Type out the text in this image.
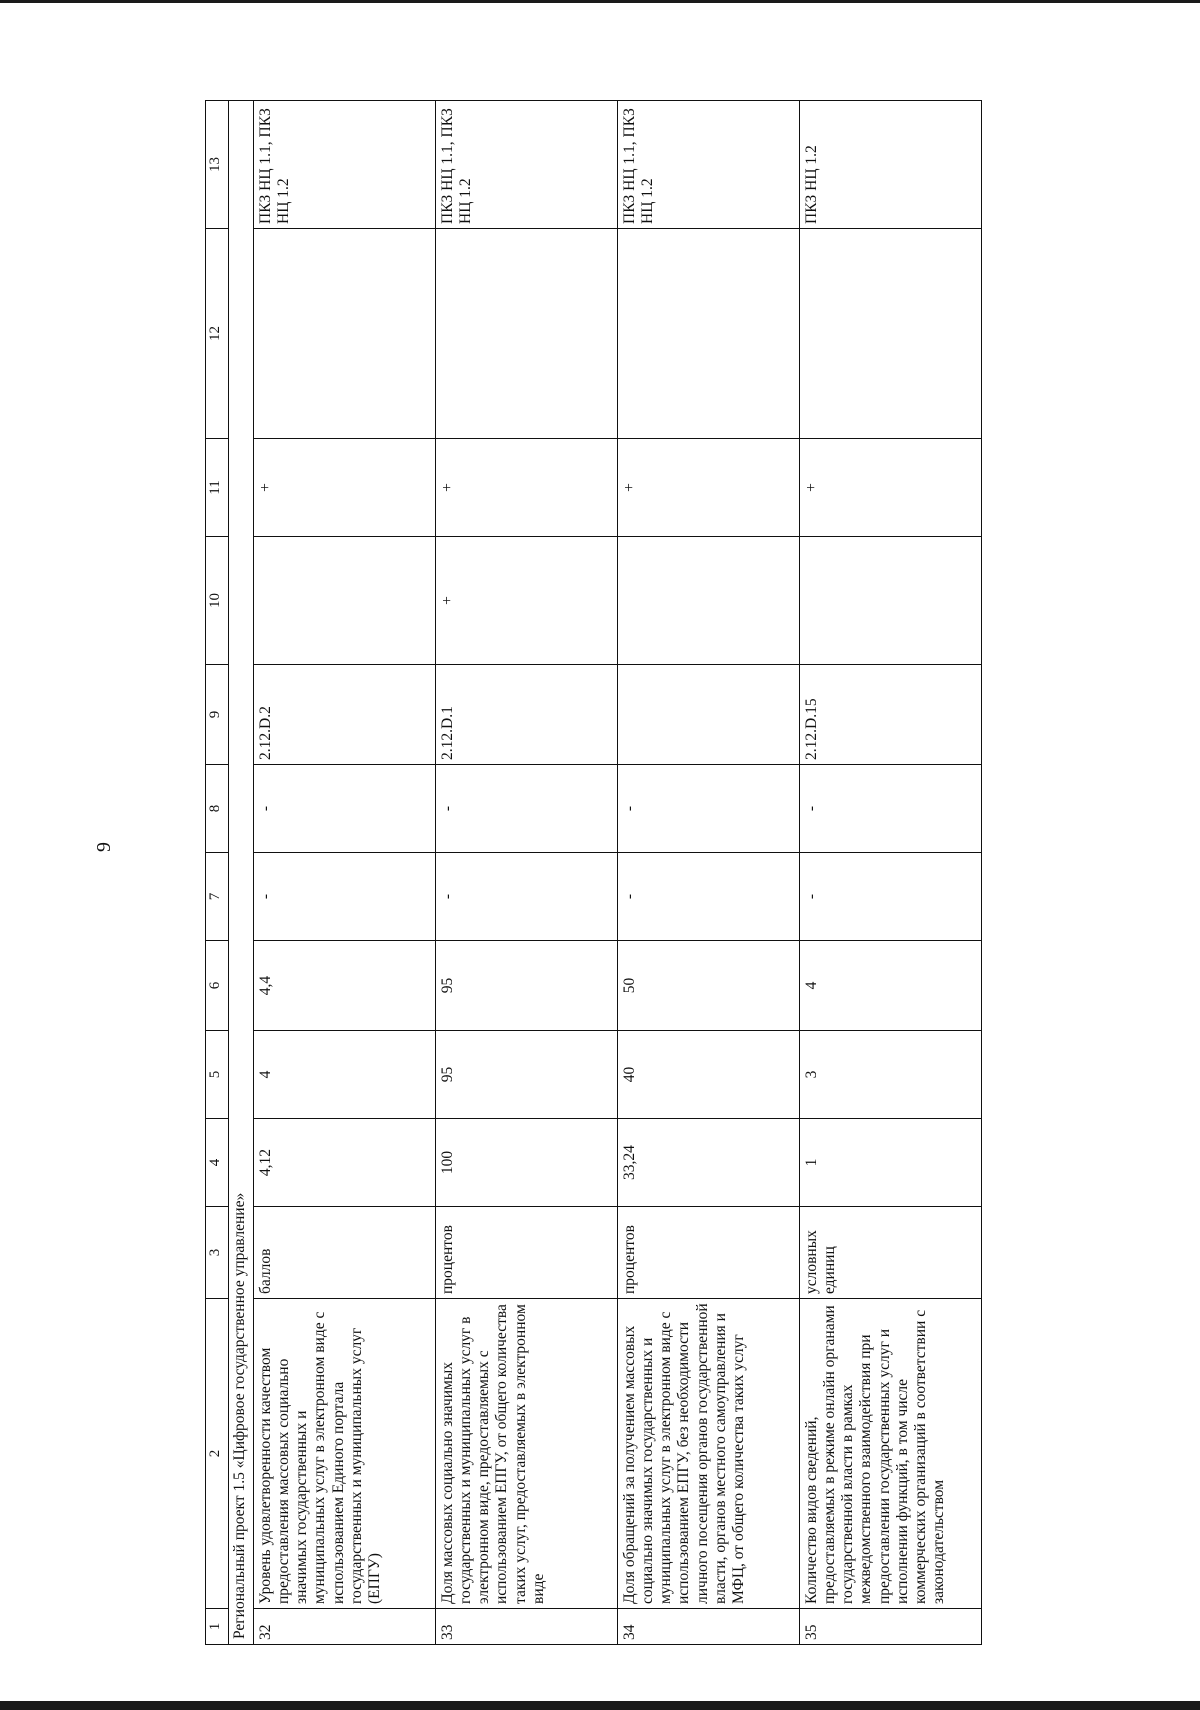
9
1	2	3	4	5	6	7	8	9	10	11	12	13
Региональный проект 1.5 «Цифровое государственное управление»												
32	Уровень удовлетворенности качеством предоставления массовых социально значимых государственных и муниципальных услуг в электронном виде с использованием Единого портала государственных и муниципальных услуг (ЕПГУ)	баллов	4,12	4	4,4	-	-	2.12.D.2		+		ПКЗ НЦ 1.1, ПКЗ НЦ 1.2
33	Доля массовых социально значимых государственных и муниципальных услуг в электронном виде, предоставляемых с использованием ЕПГУ, от общего количества таких услуг, предоставляемых в электронном виде	процентов	100	95	95	-	-	2.12.D.1	+	+		ПКЗ НЦ 1.1, ПКЗ НЦ 1.2
34	Доля обращений за получением массовых социально значимых государственных и муниципальных услуг в электронном виде с использованием ЕПГУ, без необходимости личного посещения органов государственной власти, органов местного самоуправления и МФЦ, от общего количества таких услуг	процентов	33,24	40	50	-	-			+		ПКЗ НЦ 1.1, ПКЗ НЦ 1.2
35	Количество видов сведений, предоставляемых в режиме онлайн органами государственной власти в рамках межведомственного взаимодействия при предоставлении государственных услуг и исполнении функций, в том числе коммерческих организаций в соответствии с законодательством	условных единиц	1	3	4	-	-	2.12.D.15		+		ПКЗ НЦ 1.2
